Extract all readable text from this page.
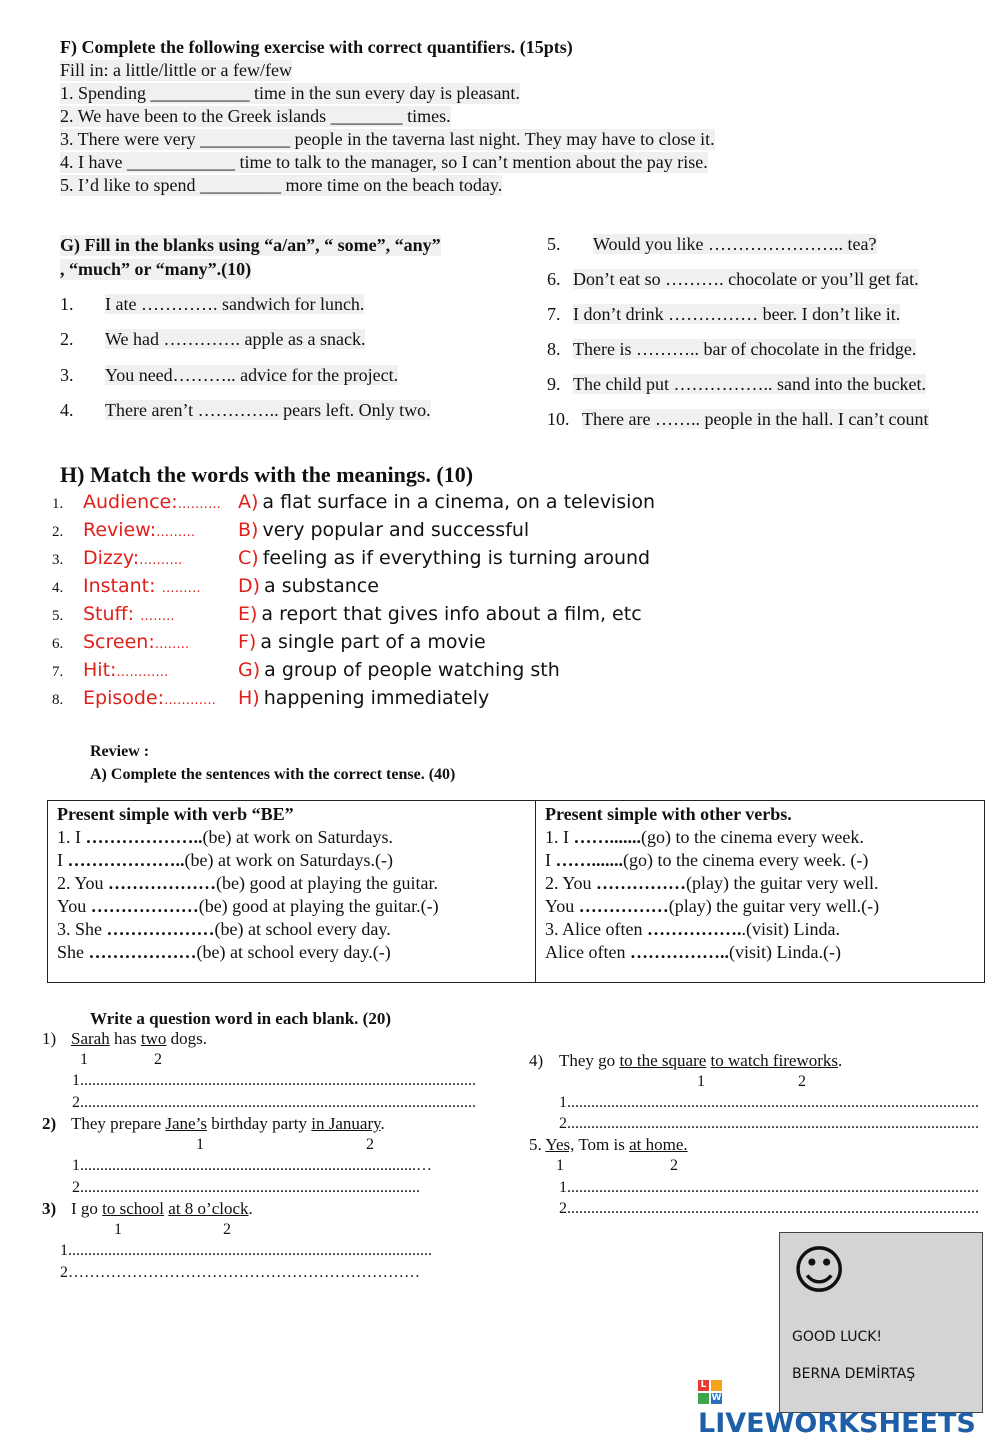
F) Complete the following exercise with correct quantifiers. (15pts)
Fill in: a little/little or a few/few
1. Spending ___________ time in the sun every day is pleasant.
2. We have been to the Greek islands ________ times.
3. There were very __________ people in the taverna last night. They may have to close it.
4. I have ____________ time to talk to the manager, so I can’t mention about the pay rise.
5. I’d like to spend _________ more time on the beach today.
G) Fill in the blanks using “a/an”, “ some”, “any”
, “much” or “many”.(10)
1. I ate …………. sandwich for lunch.
2. We had …………. apple as a snack.
3. You need……….. advice for the project.
4. There aren’t ………….. pears left. Only two.
5. Would you like ………………….. tea?
6. Don’t eat so ………. chocolate or you’ll get fat.
7. I don’t drink …………… beer. I don’t like it.
8. There is ……….. bar of chocolate in the fridge.
9. The child put …………….. sand into the bucket.
10. There are …….. people in the hall. I can’t count
H) Match the words with the meanings. (10)
1. Audience:………. A) a flat surface in a cinema, on a television
2. Review:……… B) very popular and successful
3. Dizzy:……….	C) feeling as if everything is turning around
4. Instant: ……… D) a substance
5. Stuff: ……..	E) a report that gives info about a film, etc
6. Screen:……..	F) a single part of a movie
7. Hit:…………	G) a group of people watching sth
8. Episode:………… H) happening immediately
Review :
A) Complete the sentences with the correct tense. (40)
Present simple with verb “BE”
1. I ………………..(be) at work on Saturdays.
I ………………..(be) at work on Saturdays.(-)
2. You ………………(be) good at playing the guitar.
You ………………(be) good at playing the guitar.(-)
3. She ………………(be) at school every day.
She ………………(be) at school every day.(-)
Present simple with other verbs.
1. I …….......(go) to the cinema every week.
I …….......(go) to the cinema every week. (-)
2. You ……………(play) the guitar very well.
You ……………(play) the guitar very well.(-)
3. Alice often ……………..(visit) Linda.
Alice often ……………..(visit) Linda.(-)
Write a question word in each blank. (20)
1) Sarah has two dogs.
1	2
1...................................................................................................
2...................................................................................................
2) They prepare Jane’s birthday party in January.
1	2
1....................................................................................…
2.....................................................................................
3) I go to school at 8 o’clock.
1	2
1...........................................................................................
2…………………………………………………………
4) They go to the square to watch fireworks.
1	2
1.......................................................................................................
2.......................................................................................................
5. Yes, Tom is at home.
1	2
1.......................................................................................................
2.......................................................................................................
☺
GOOD LUCK!
BERNA DEMİRTAŞ
L
W
LIVEWORKSHEETS
